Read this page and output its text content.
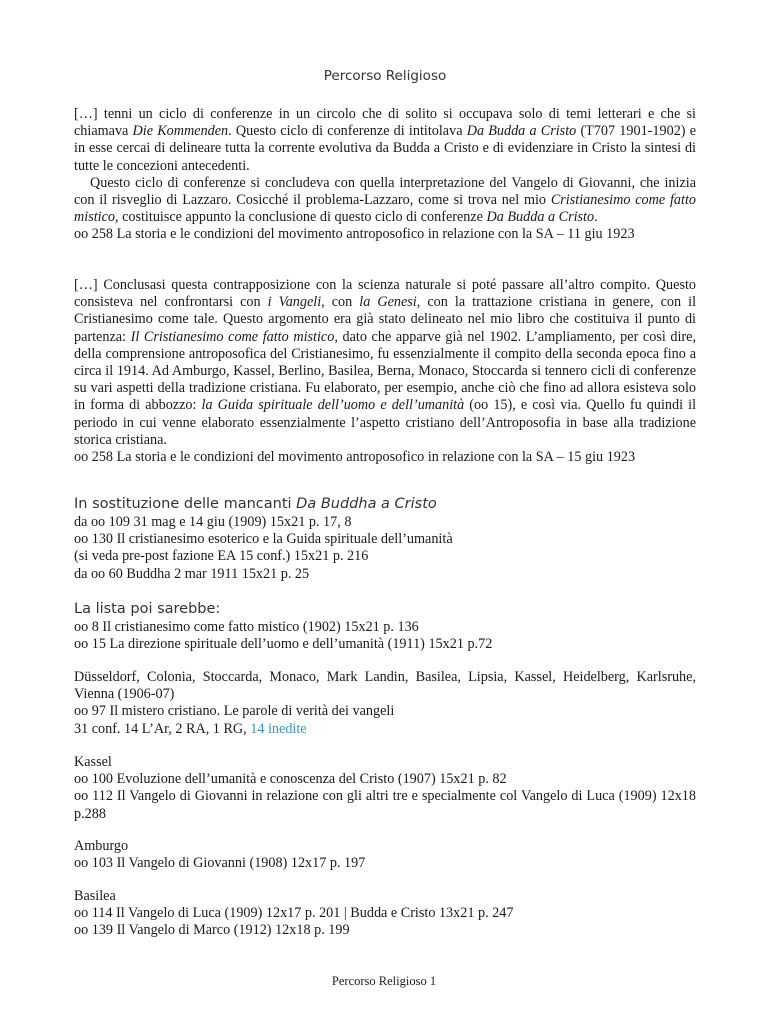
Percorso Religioso

[…] tenni un ciclo di conferenze in un circolo che di solito si occupava solo di temi letterari e che si chiamava Die Kommenden. Questo ciclo di conferenze di intitolava Da Budda a Cristo (T707 1901-1902) e in esse cercai di delineare tutta la corrente evolutiva da Budda a Cristo e di evidenziare in Cristo la sintesi di tutte le concezioni antecedenti.

Questo ciclo di conferenze si concludeva con quella interpretazione del Vangelo di Giovanni, che inizia con il risveglio di Lazzaro. Cosicché il problema-Lazzaro, come si trova nel mio Cristianesimo come fatto mistico, costituisce appunto la conclusione di questo ciclo di conferenze Da Budda a Cristo.

oo 258 La storia e le condizioni del movimento antroposofico in relazione con la SA – 11 giu 1923

[…] Conclusasi questa contrapposizione con la scienza naturale si poté passare all’altro compito. Questo consisteva nel confrontarsi con i Vangeli, con la Genesi, con la trattazione cristiana in genere, con il Cristianesimo come tale. Questo argomento era già stato delineato nel mio libro che costituiva il punto di partenza: Il Cristianesimo come fatto mistico, dato che apparve già nel 1902. L’ampliamento, per così dire, della comprensione antroposofica del Cristianesimo, fu essenzialmente il compito della seconda epoca fino a circa il 1914. Ad Amburgo, Kassel, Berlino, Basilea, Berna, Monaco, Stoccarda si tennero cicli di conferenze su vari aspetti della tradizione cristiana. Fu elaborato, per esempio, anche ciò che fino ad allora esisteva solo in forma di abbozzo: la Guida spirituale dell’uomo e dell’umanità (oo 15), e così via. Quello fu quindi il periodo in cui venne elaborato essenzialmente l’aspetto cristiano dell’Antroposofia in base alla tradizione storica cristiana.

oo 258 La storia e le condizioni del movimento antroposofico in relazione con la SA – 15 giu 1923

In sostituzione delle mancanti Da Buddha a Cristo

da oo 109 31 mag e 14 giu (1909) 15x21 p. 17, 8

oo 130 Il cristianesimo esoterico e la Guida spirituale dell’umanità

(si veda pre-post fazione EA 15 conf.) 15x21 p. 216

da oo 60 Buddha 2 mar 1911 15x21 p. 25

La lista poi sarebbe:

oo 8 Il cristianesimo come fatto mistico (1902) 15x21 p. 136

oo 15 La direzione spirituale dell’uomo e dell’umanità (1911) 15x21 p.72

Düsseldorf, Colonia, Stoccarda, Monaco, Mark Landin, Basilea, Lipsia, Kassel, Heidelberg, Karlsruhe, Vienna (1906-07)

oo 97 Il mistero cristiano. Le parole di verità dei vangeli

31 conf. 14 L’Ar, 2 RA, 1 RG, 14 inedite

Kassel

oo 100 Evoluzione dell’umanità e conoscenza del Cristo (1907) 15x21 p. 82

oo 112 Il Vangelo di Giovanni in relazione con gli altri tre e specialmente col Vangelo di Luca (1909) 12x18 p.288

Amburgo

oo 103 Il Vangelo di Giovanni (1908) 12x17 p. 197

Basilea

oo 114 Il Vangelo di Luca (1909) 12x17 p. 201 | Budda e Cristo 13x21 p. 247

oo 139 Il Vangelo di Marco (1912) 12x18 p. 199

Percorso Religioso 1
